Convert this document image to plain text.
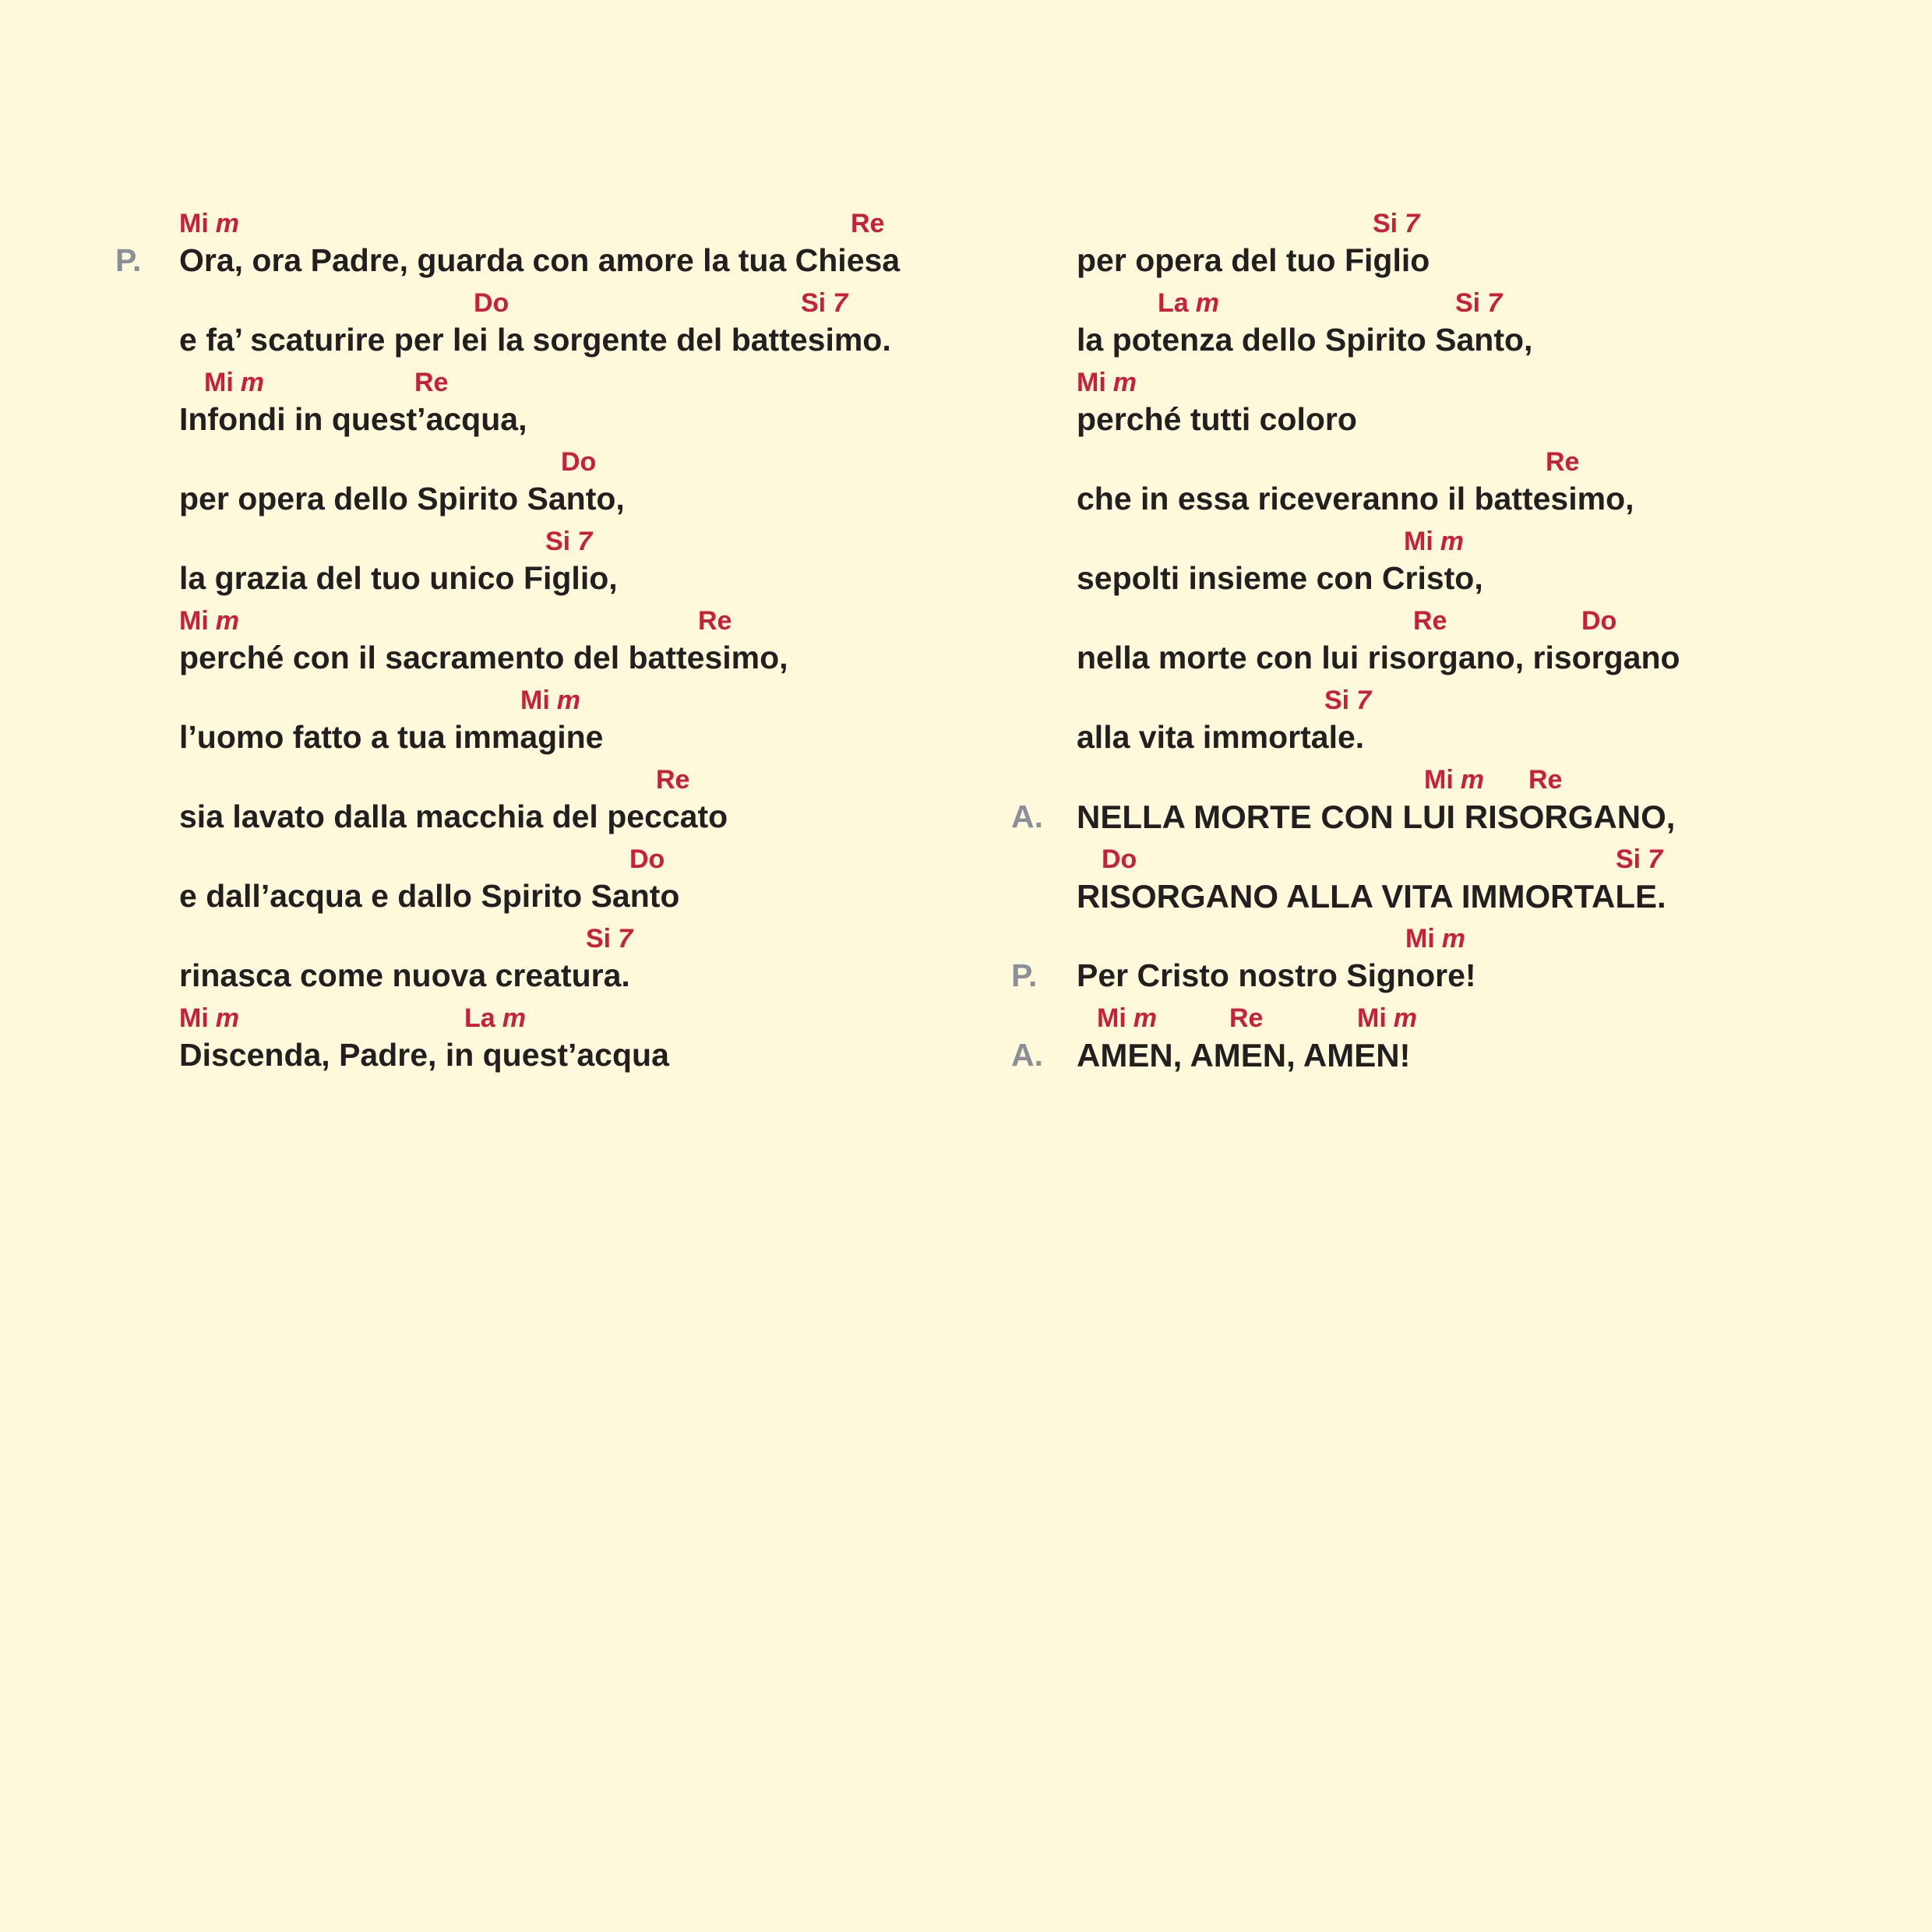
P.
Mi m	Re
Ora, ora Padre, guarda con amore la tua Chiesa
Do	Si 7
e fa’ scaturire per lei la sorgente del battesimo.
Mi m	Re
Infondi in quest’acqua,
Do
per opera dello Spirito Santo,
Si 7
la grazia del tuo unico Figlio,
Mi m	Re
perché con il sacramento del battesimo,
Mi m
l’uomo fatto a tua immagine
Re
sia lavato dalla macchia del peccato
Do
e dall’acqua e dallo Spirito Santo
Si 7
rinasca come nuova creatura.
Mi m	La m
Discenda, Padre, in quest’acqua
Si 7
per opera del tuo Figlio
La m	Si 7
la potenza dello Spirito Santo,
Mi m
perché tutti coloro
Re
che in essa riceveranno il battesimo,
Mi m
sepolti insieme con Cristo,
Re	Do
nella morte con lui risorgano, risorgano
Si 7
alla vita immortale.
A.
Mi m Re
NELLA MORTE CON LUI RISORGANO,
Do	Si 7
RISORGANO ALLA VITA IMMORTALE.
P.
Mi m
Per Cristo nostro Signore!
A.
Mi m	Re	Mi m
AMEN, AMEN, AMEN!
